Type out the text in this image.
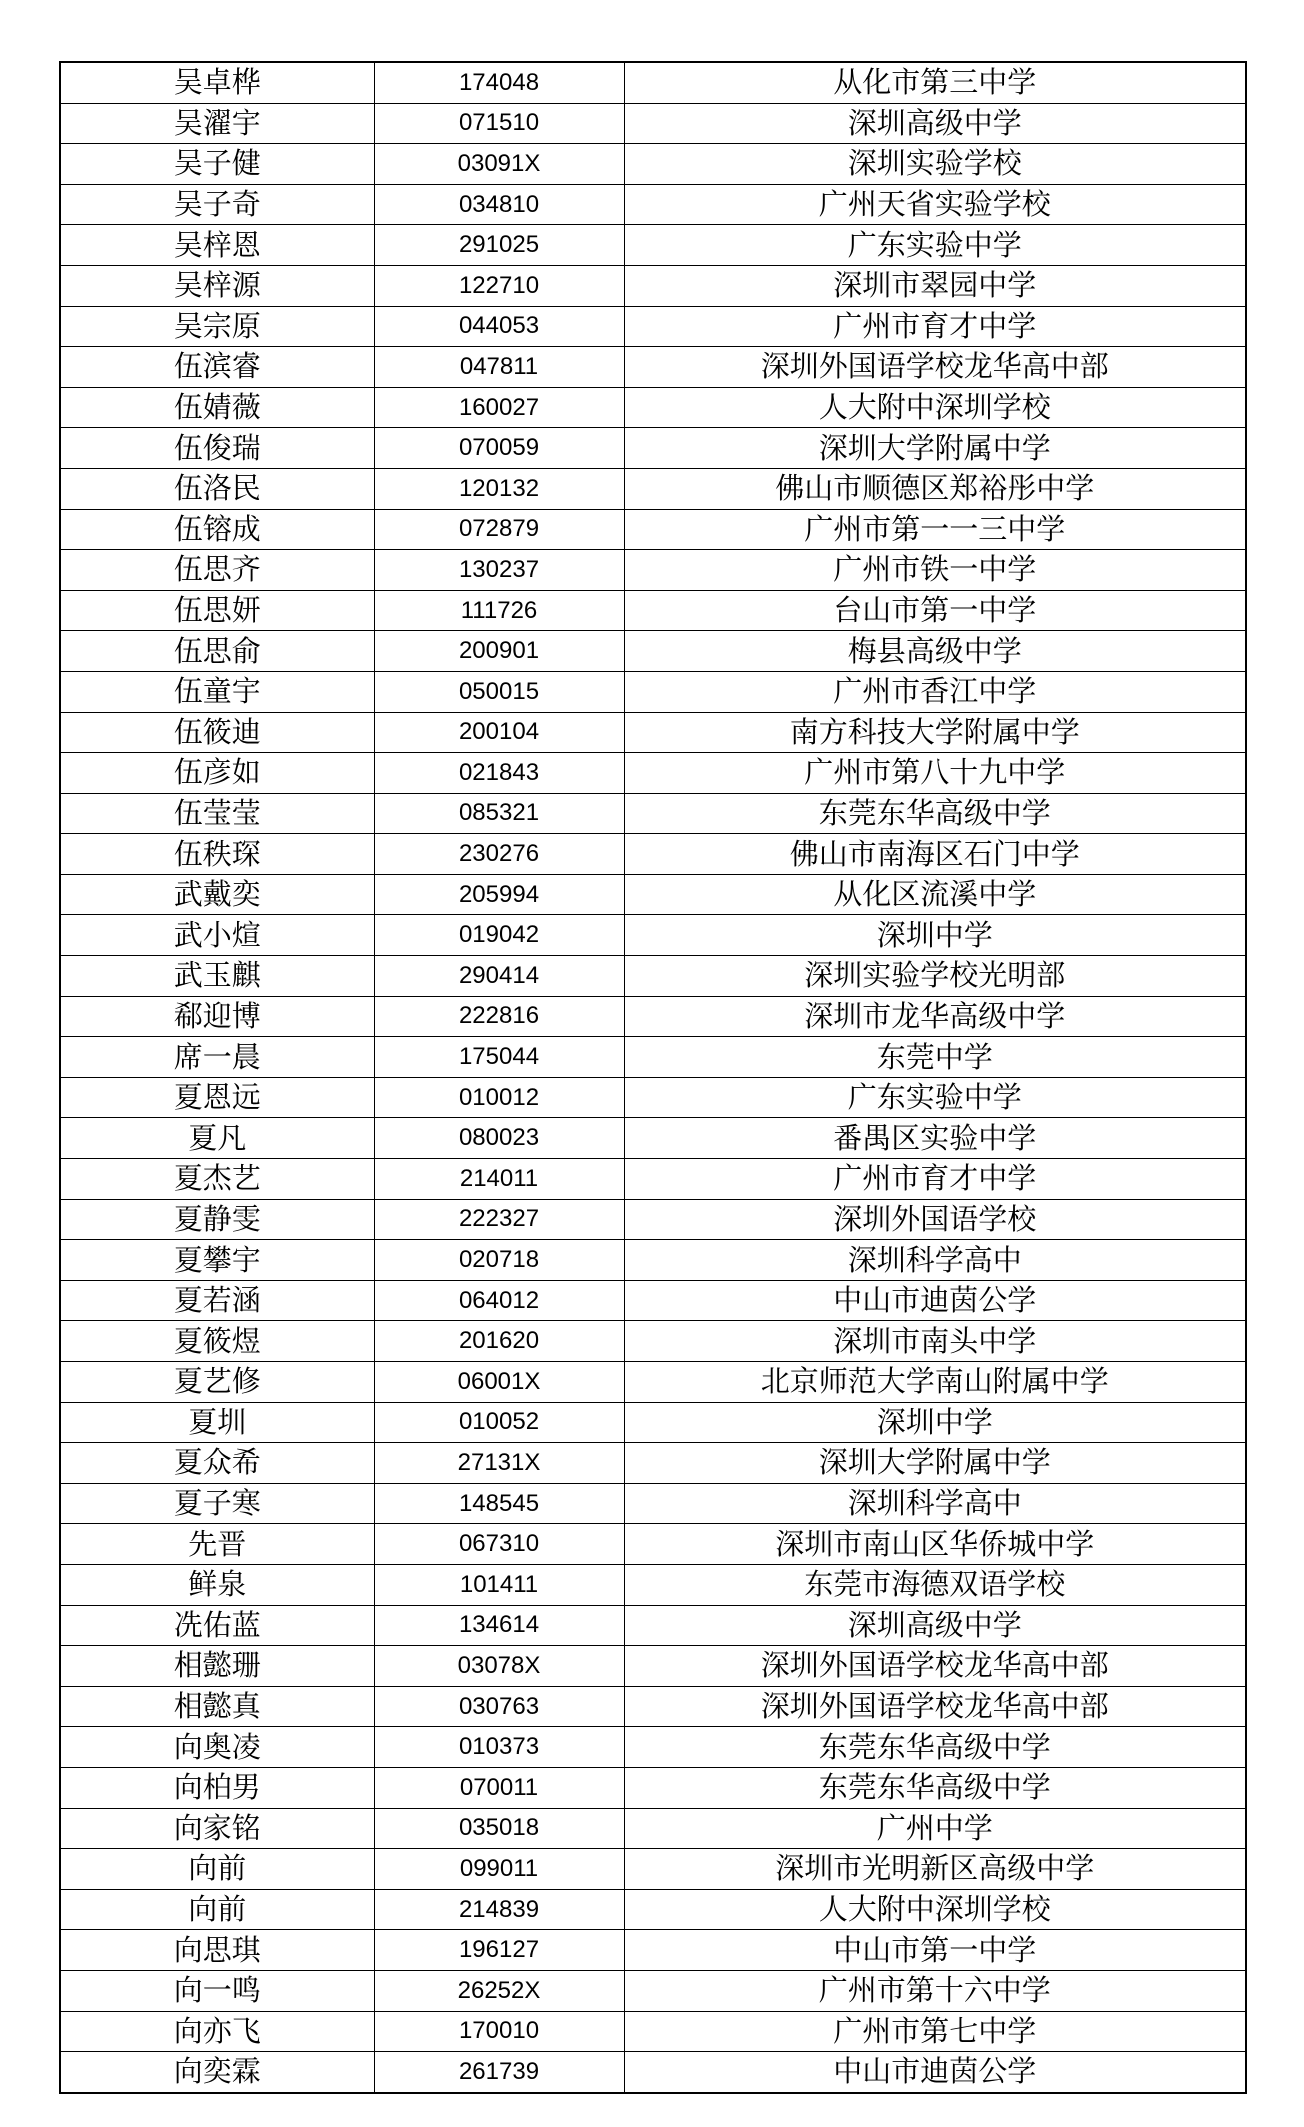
吴卓桦	174048	从化市第三中学
吴濯宇	071510	深圳高级中学
吴子健	03091X	深圳实验学校
吴子奇	034810	广州天省实验学校
吴梓恩	291025	广东实验中学
吴梓源	122710	深圳市翠园中学
吴宗原	044053	广州市育才中学
伍滨睿	047811	深圳外国语学校龙华高中部
伍婧薇	160027	人大附中深圳学校
伍俊瑞	070059	深圳大学附属中学
伍洛民	120132	佛山市顺德区郑裕彤中学
伍镕成	072879	广州市第一一三中学
伍思齐	130237	广州市铁一中学
伍思妍	111726	台山市第一中学
伍思俞	200901	梅县高级中学
伍童宇	050015	广州市香江中学
伍筱迪	200104	南方科技大学附属中学
伍彦如	021843	广州市第八十九中学
伍莹莹	085321	东莞东华高级中学
伍秩琛	230276	佛山市南海区石门中学
武戴奕	205994	从化区流溪中学
武小煊	019042	深圳中学
武玉麒	290414	深圳实验学校光明部
郗迎博	222816	深圳市龙华高级中学
席一晨	175044	东莞中学
夏恩远	010012	广东实验中学
夏凡	080023	番禺区实验中学
夏杰艺	214011	广州市育才中学
夏静雯	222327	深圳外国语学校
夏攀宇	020718	深圳科学高中
夏若涵	064012	中山市迪茵公学
夏筱煜	201620	深圳市南头中学
夏艺修	06001X	北京师范大学南山附属中学
夏圳	010052	深圳中学
夏众希	27131X	深圳大学附属中学
夏子寒	148545	深圳科学高中
先晋	067310	深圳市南山区华侨城中学
鲜泉	101411	东莞市海德双语学校
冼佑蓝	134614	深圳高级中学
相懿珊	03078X	深圳外国语学校龙华高中部
相懿真	030763	深圳外国语学校龙华高中部
向奥凌	010373	东莞东华高级中学
向柏男	070011	东莞东华高级中学
向家铭	035018	广州中学
向前	099011	深圳市光明新区高级中学
向前	214839	人大附中深圳学校
向思琪	196127	中山市第一中学
向一鸣	26252X	广州市第十六中学
向亦飞	170010	广州市第七中学
向奕霖	261739	中山市迪茵公学
